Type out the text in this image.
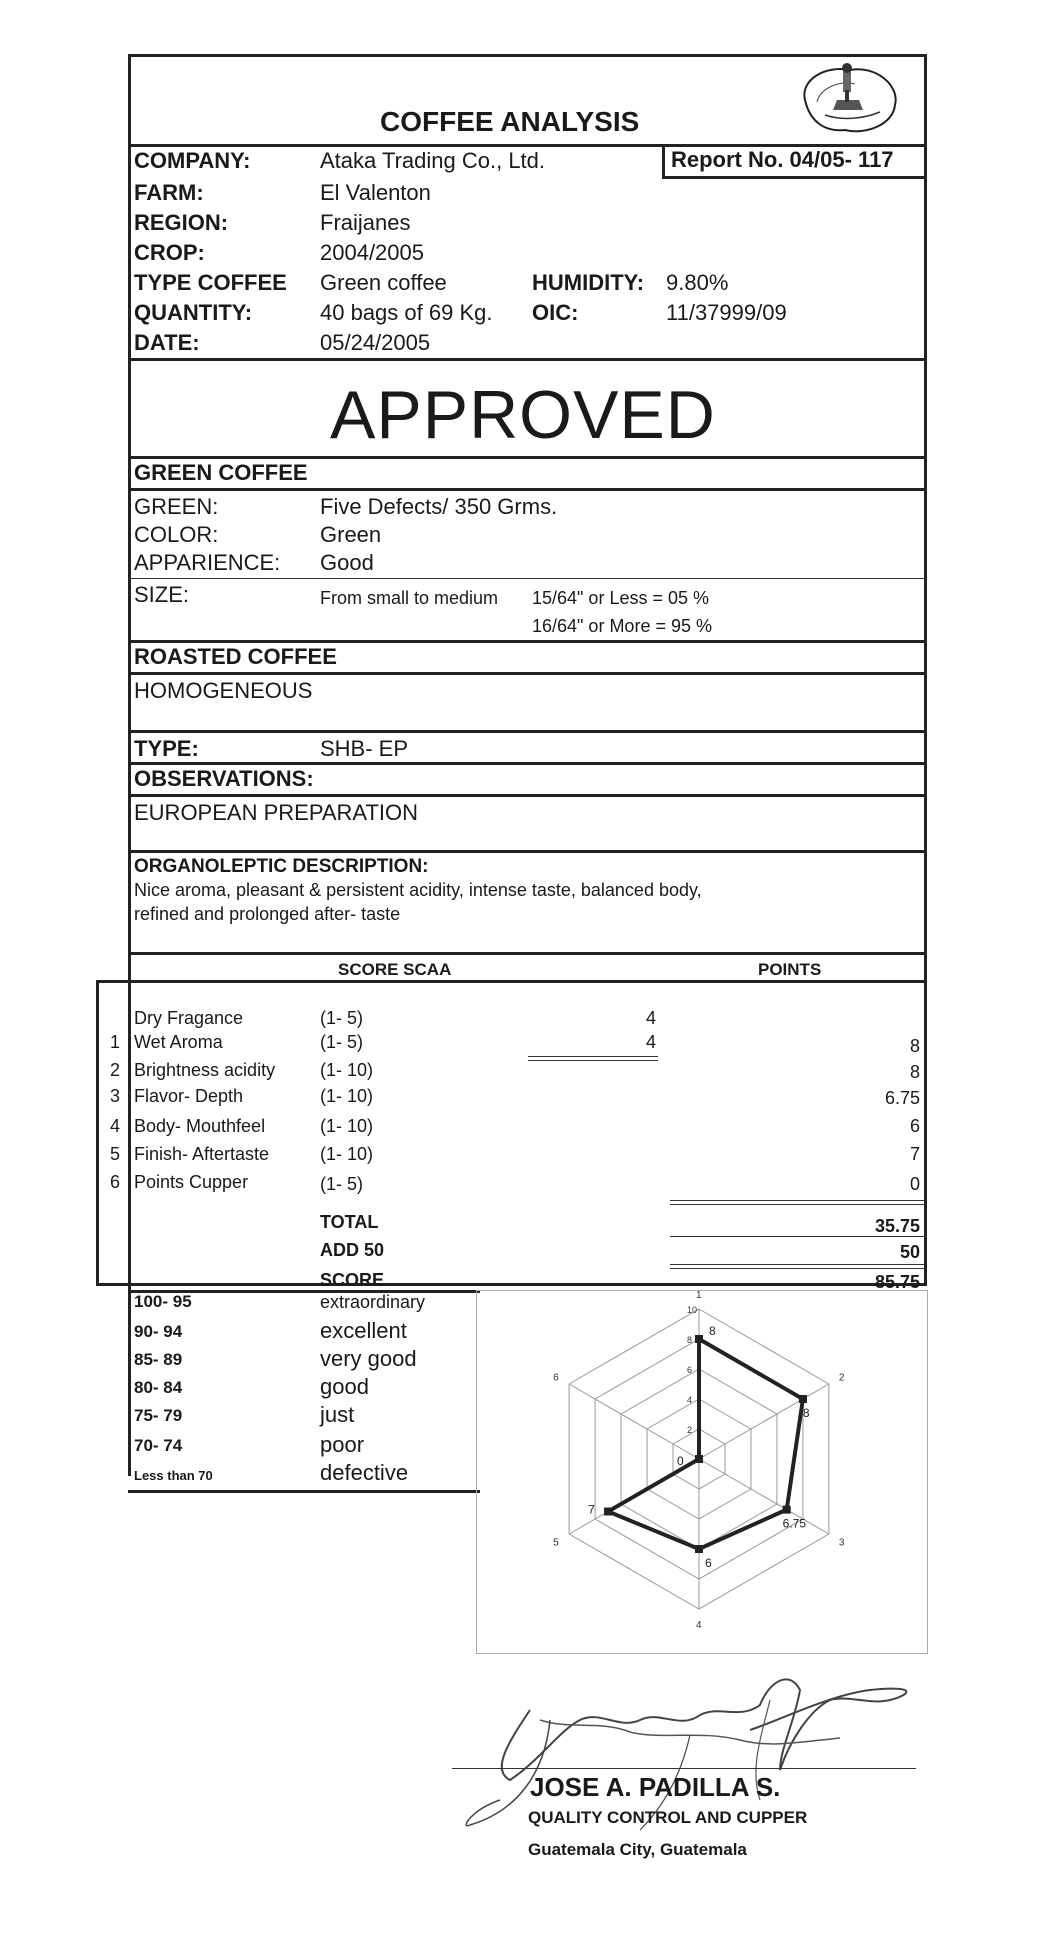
COFFEE ANALYSIS
Report No. 04/05- 117
COMPANY:	Ataka Trading Co., Ltd.
FARM:	El Valenton
REGION:	Fraijanes
CROP:	2004/2005
TYPE COFFEE Green coffee	HUMIDITY: 9.80%
QUANTITY:	40 bags of 69 Kg. OIC:	11/37999/09
DATE:	05/24/2005
APPROVED
GREEN COFFEE
GREEN:	Five Defects/ 350 Grms.
COLOR:	Green
APPARIENCE: Good
SIZE:	From small to medium 15/64" or Less = 05 %
16/64" or More = 95 %
ROASTED COFFEE
HOMOGENEOUS
TYPE:	SHB- EP
OBSERVATIONS:
EUROPEAN PREPARATION
ORGANOLEPTIC DESCRIPTION:
Nice aroma, pleasant & persistent acidity, intense taste, balanced body,
refined and prolonged after- taste
SCORE SCAA	POINTS
Dry Fragance	(1- 5)	4
1 Wet Aroma	(1- 5)	4	8
2 Brightness acidity (1- 10)	8
3 Flavor- Depth	(1- 10)	6.75
4 Body- Mouthfeel	(1- 10)	6
5 Finish- Aftertaste	(1- 10)	7
6 Points Cupper	(1- 5)	0
TOTAL	35.75
ADD 50	50
SCORE	85.75
100- 95	extraordinary
90- 94	excellent
85- 89	very good
80- 84	good
75- 79	just
70- 74	poor
Less than 70	defective
2
4
6
8
10
1
2
3
4
5
6
8
8
6.75
6
7
0
JOSE A. PADILLA S.
QUALITY CONTROL AND CUPPER
Guatemala City, Guatemala
